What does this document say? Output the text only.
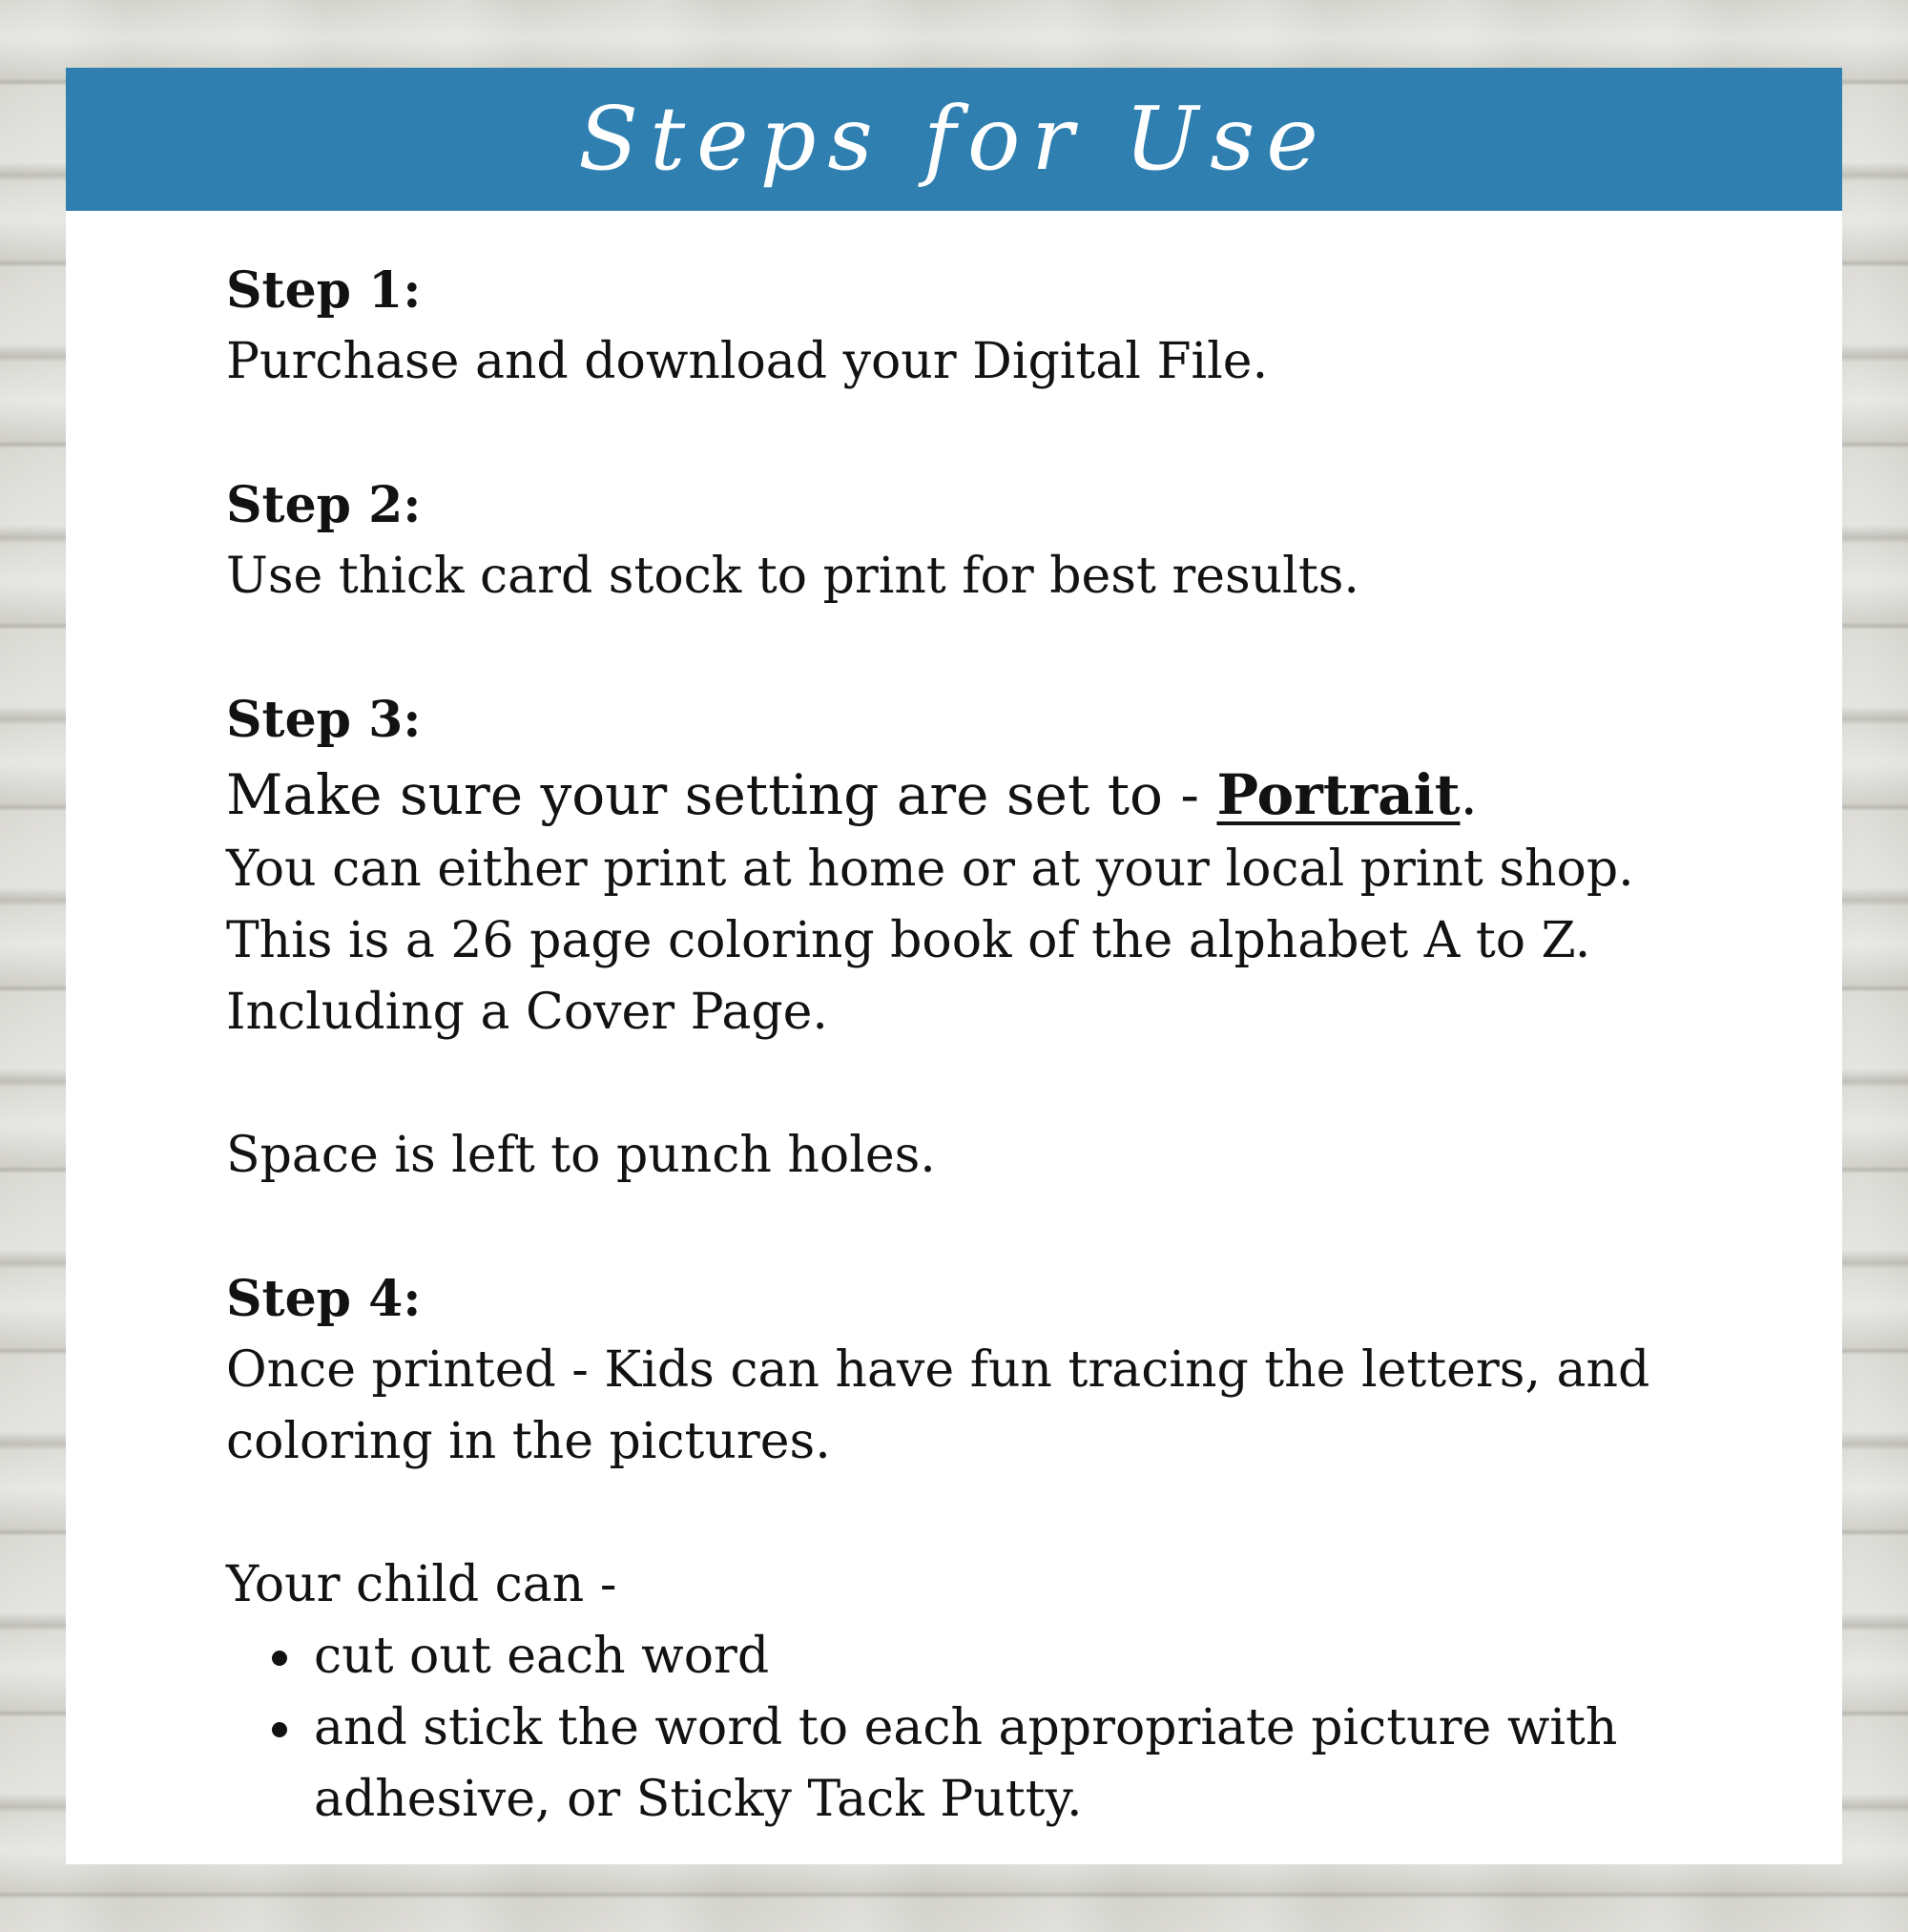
Steps for Use
Step 1:
Purchase and download your Digital File.
Step 2:
Use thick card stock to print for best results.
Step 3:
Make sure your setting are set to - Portrait.
You can either print at home or at your local print shop.
This is a 26 page coloring book of the alphabet A to Z.
Including a Cover Page.
Space is left to punch holes.
Step 4:
Once printed - Kids can have fun tracing the letters, and
coloring in the pictures.
Your child can -
cut out each word
and stick the word to each appropriate picture with adhesive, or Sticky Tack Putty.
